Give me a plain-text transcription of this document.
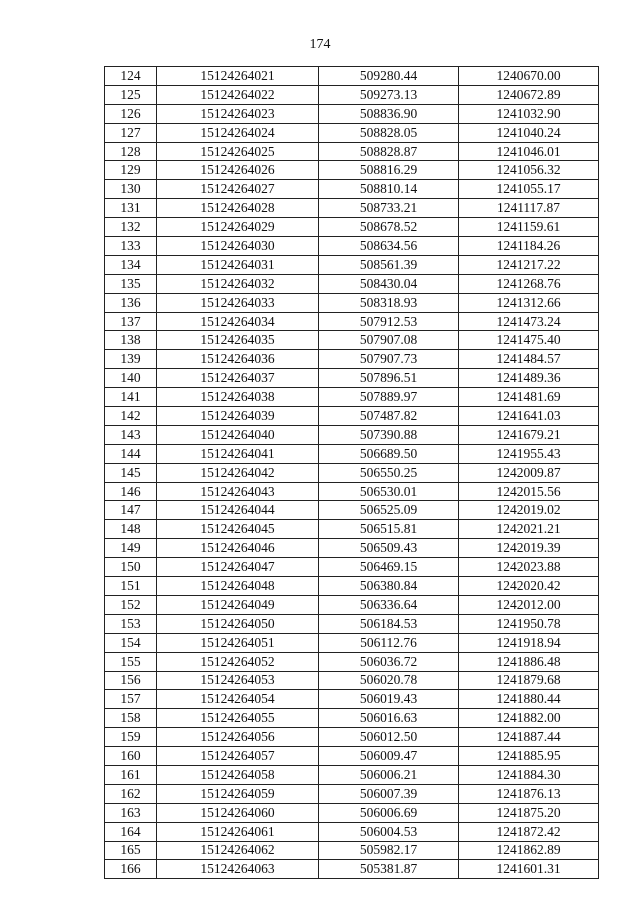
174
124	15124264021	509280.44	1240670.00
125	15124264022	509273.13	1240672.89
126	15124264023	508836.90	1241032.90
127	15124264024	508828.05	1241040.24
128	15124264025	508828.87	1241046.01
129	15124264026	508816.29	1241056.32
130	15124264027	508810.14	1241055.17
131	15124264028	508733.21	1241117.87
132	15124264029	508678.52	1241159.61
133	15124264030	508634.56	1241184.26
134	15124264031	508561.39	1241217.22
135	15124264032	508430.04	1241268.76
136	15124264033	508318.93	1241312.66
137	15124264034	507912.53	1241473.24
138	15124264035	507907.08	1241475.40
139	15124264036	507907.73	1241484.57
140	15124264037	507896.51	1241489.36
141	15124264038	507889.97	1241481.69
142	15124264039	507487.82	1241641.03
143	15124264040	507390.88	1241679.21
144	15124264041	506689.50	1241955.43
145	15124264042	506550.25	1242009.87
146	15124264043	506530.01	1242015.56
147	15124264044	506525.09	1242019.02
148	15124264045	506515.81	1242021.21
149	15124264046	506509.43	1242019.39
150	15124264047	506469.15	1242023.88
151	15124264048	506380.84	1242020.42
152	15124264049	506336.64	1242012.00
153	15124264050	506184.53	1241950.78
154	15124264051	506112.76	1241918.94
155	15124264052	506036.72	1241886.48
156	15124264053	506020.78	1241879.68
157	15124264054	506019.43	1241880.44
158	15124264055	506016.63	1241882.00
159	15124264056	506012.50	1241887.44
160	15124264057	506009.47	1241885.95
161	15124264058	506006.21	1241884.30
162	15124264059	506007.39	1241876.13
163	15124264060	506006.69	1241875.20
164	15124264061	506004.53	1241872.42
165	15124264062	505982.17	1241862.89
166	15124264063	505381.87	1241601.31
